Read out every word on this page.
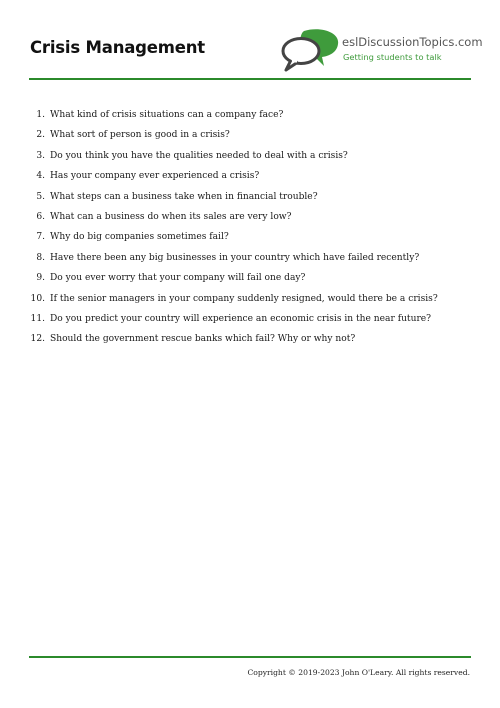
Crisis Management	eslDiscussionTopics.com
Getting students to talk
1. What kind of crisis situations can a company face?
2. What sort of person is good in a crisis?
3. Do you think you have the qualities needed to deal with a crisis?
4. Has your company ever experienced a crisis?
5. What steps can a business take when in financial trouble?
6. What can a business do when its sales are very low?
7. Why do big companies sometimes fail?
8. Have there been any big businesses in your country which have failed recently?
9. Do you ever worry that your company will fail one day?
10. If the senior managers in your company suddenly resigned, would there be a crisis?
11. Do you predict your country will experience an economic crisis in the near future?
12. Should the government rescue banks which fail? Why or why not?
Copyright © 2019-2023 John O'Leary. All rights reserved.
